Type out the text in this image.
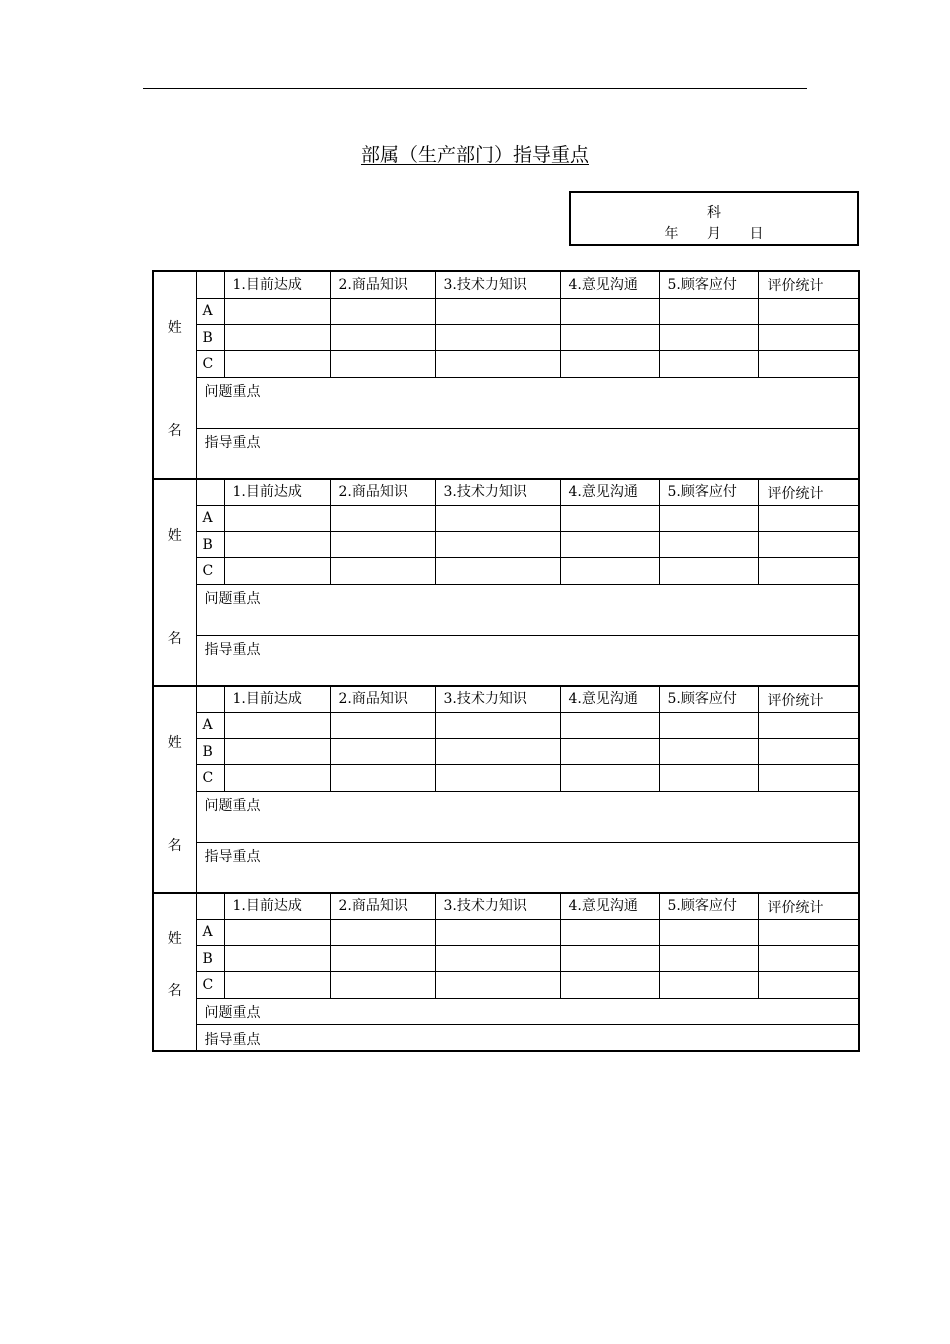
部属（生产部门）指导重点
科
年 月 日
姓
名		1.目前达成	2.商品知识	3.技术力知识	4.意见沟通	5.顾客应付	评价统计
	A						
	B						
	C						
	问题重点						
	指导重点						

姓
名		1.目前达成	2.商品知识	3.技术力知识	4.意见沟通	5.顾客应付	评价统计
	A						
	B						
	C						
	问题重点						
	指导重点						

姓
名		1.目前达成	2.商品知识	3.技术力知识	4.意见沟通	5.顾客应付	评价统计
	A						
	B						
	C						
	问题重点						
	指导重点						

姓
名		1.目前达成	2.商品知识	3.技术力知识	4.意见沟通	5.顾客应付	评价统计
	A						
	B						
	C						
	问题重点						
	指导重点						
